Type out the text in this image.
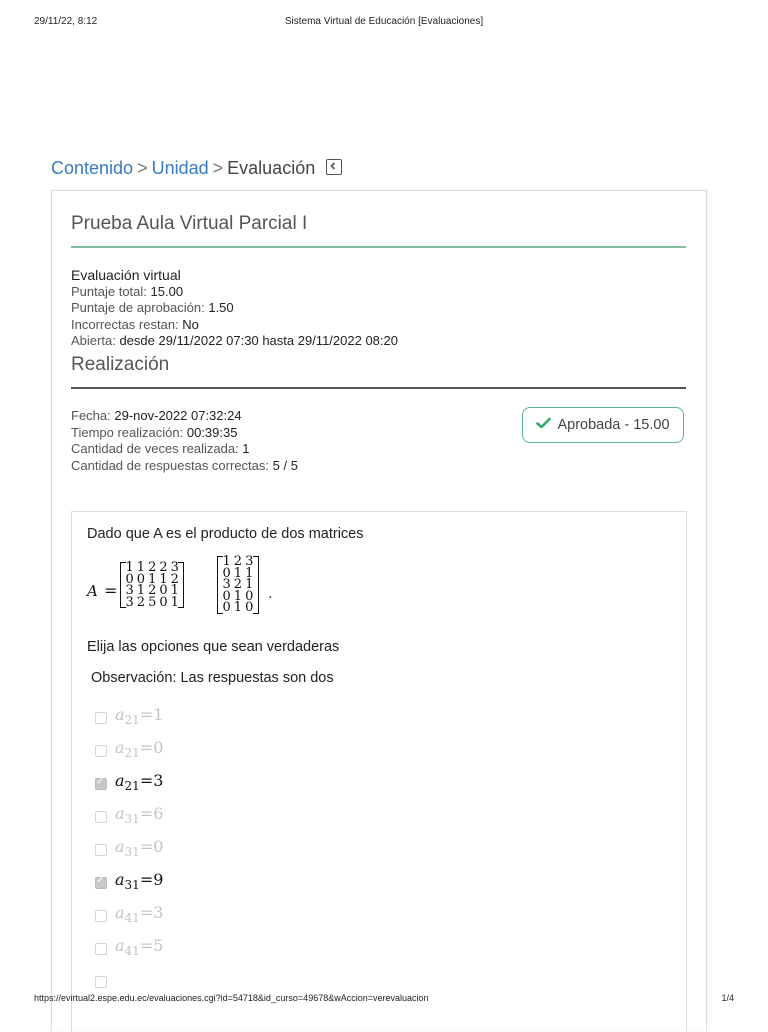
29/11/22, 8:12	Sistema Virtual de Educación [Evaluaciones]
Contenido > Unidad > Evaluación
Prueba Aula Virtual Parcial I
Evaluación virtual
Puntaje total: 15.00
Puntaje de aprobación: 1.50
Incorrectas restan: No
Abierta: desde 29/11/2022 07:30 hasta 29/11/2022 08:20
Realización
Fecha: 29-nov-2022 07:32:24
Tiempo realización: 00:39:35
Cantidad de veces realizada: 1
Cantidad de respuestas correctas: 5 / 5
Aprobada - 15.00
Dado que A es el producto de dos matrices
A =
1	1	2	2	3
0	0	1	1	2
3	1	2	0	1
3	2	5	0	1
1	2	3
0	1	1
3	2	1
0	1	0
0	1	0
.
Elija las opciones que sean verdaderas
Observación: Las respuestas son dos
$a_{21}=1$
$a_{21}=0$
✓
$a_{21}=3$
$a_{31}=6$
$a_{31}=0$
✓
$a_{31}=9$
$a_{41}=3$
$a_{41}=5$
https://evirtual2.espe.edu.ec/evaluaciones.cgi?id=54718&id_curso=49678&wAccion=verevaluacion	1/4
